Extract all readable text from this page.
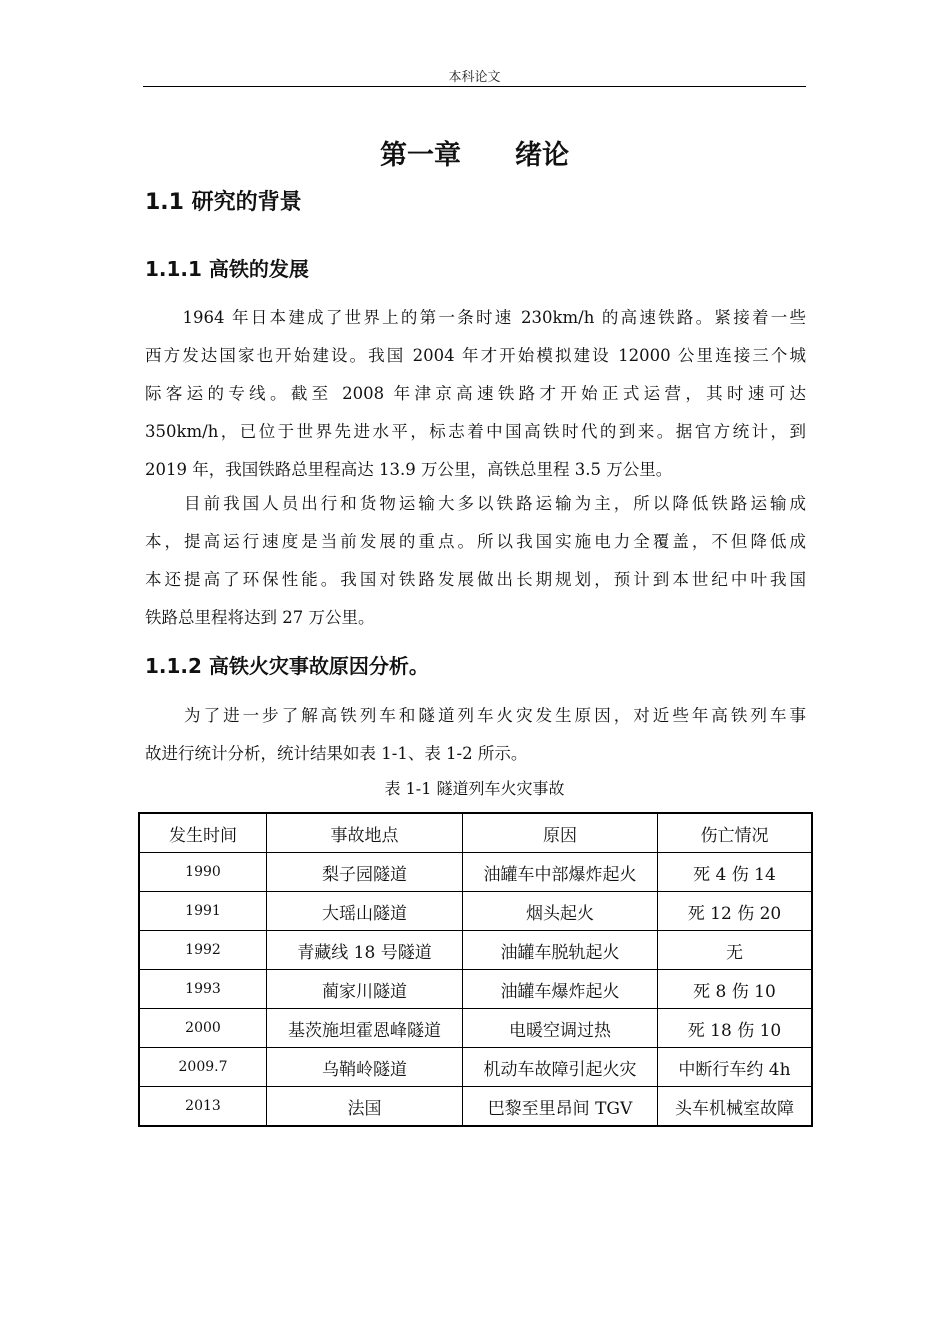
本科论文
第一章　　绪论
1.1 研究的背景
1.1.1 高铁的发展
　　1964 年日本建成了世界上的第一条时速 230km/h 的高速铁路。紧接着一些
西方发达国家也开始建设。我国 2004 年才开始模拟建设 12000 公里连接三个城
际客运的专线。截至 2008 年津京高速铁路才开始正式运营，其时速可达
350km/h，已位于世界先进水平，标志着中国高铁时代的到来。据官方统计，到
2019 年，我国铁路总里程高达 13.9 万公里，高铁总里程 3.5 万公里。
　　目前我国人员出行和货物运输大多以铁路运输为主，所以降低铁路运输成
本，提高运行速度是当前发展的重点。所以我国实施电力全覆盖，不但降低成
本还提高了环保性能。我国对铁路发展做出长期规划，预计到本世纪中叶我国
铁路总里程将达到 27 万公里。
1.1.2 高铁火灾事故原因分析。
　　为了进一步了解高铁列车和隧道列车火灾发生原因，对近些年高铁列车事
故进行统计分析，统计结果如表 1-1、表 1-2 所示。
表 1-1 隧道列车火灾事故
发生时间	事故地点	原因	伤亡情况
1990	梨子园隧道	油罐车中部爆炸起火	死 4 伤 14
1991	大瑶山隧道	烟头起火	死 12 伤 20
1992	青藏线 18 号隧道	油罐车脱轨起火	无
1993	蔺家川隧道	油罐车爆炸起火	死 8 伤 10
2000	基茨施坦霍恩峰隧道	电暖空调过热	死 18 伤 10
2009.7	乌鞘岭隧道	机动车故障引起火灾	中断行车约 4h
2013	法国	巴黎至里昂间 TGV	头车机械室故障
